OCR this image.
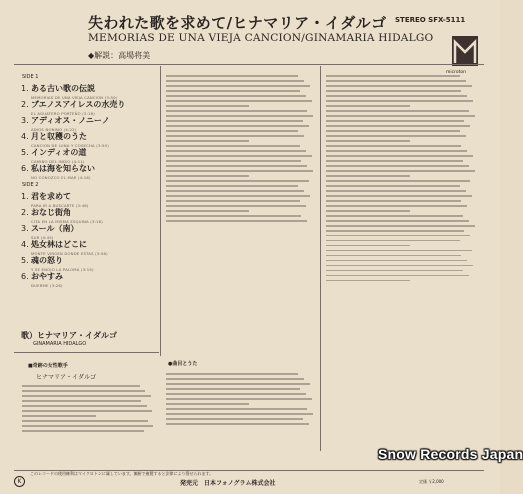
失われた歌を求めて/ヒナマリア・イダルゴ
MEMORIAS DE UNA VIEJA CANCION/GINAMARIA HIDALGO
◆解説：高場将美
STEREO SFX-5111
microton
SIDE 1
1. ある古い歌の伝説
MEMORIAS DE UNA VIEJA CANCION (3:50)
2. ブエノスアイレスの水売り
EL AGUATERO PORTEÑO (3:16)
3. アディオス・ノニーノ
ADIOS NONINO (4:22)
4. 月と収穫のうた
CANCION DE LUNA Y COSECHA (3:50)
5. インディオの道
CAMINO DEL INDIO (4:11)
6. 私は海を知らない
NO CONOZCO EL MAR (4:16)
SIDE 2
1. 君を求めて
PARA IR A BUSCARTE (3:46)
2. おなじ街角
CITA EN LA MISMA ESQUINA (3:16)
3. スール（南）
SUR (4:45)
4. 処女林はどこに
MONTE VIRGEN DONDE ESTAS (3:56)
5. 魂の怒り
Y SE ENOJO LA PALOMA (3:15)
6. おやすみ
DUERME (3:26)
歌）ヒナマリア・イダルゴ
GINAMARIA HIDALGO
■奇跡の女性歌手
ヒナマリア・イダルゴ
●曲目とうた
K
このレコードの使用権利はマイクロトンに属しています。無断で複製すると法律により罰せられます。
発売元　日本フォノグラム株式会社	定価 ￥2,000
Snow Records Japan
